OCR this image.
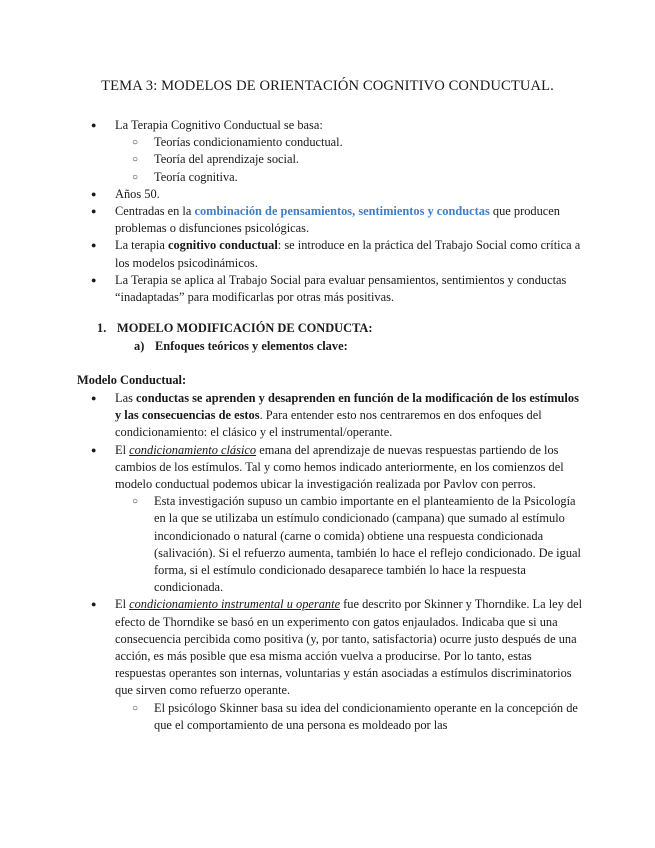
TEMA 3: MODELOS DE ORIENTACIÓN COGNITIVO CONDUCTUAL.

● La Terapia Cognitivo Conductual se basa:

○ Teorías condicionamiento conductual.

○ Teoría del aprendizaje social.

○ Teoría cognitiva.

● Años 50.

● Centradas en la combinación de pensamientos, sentimientos y conductas que producen problemas o disfunciones psicológicas.

● La terapia cognitivo conductual: se introduce en la práctica del Trabajo Social como crítica a los modelos psicodinámicos.

● La Terapia se aplica al Trabajo Social para evaluar pensamientos, sentimientos y conductas “inadaptadas” para modificarlas por otras más positivas.

1. MODELO MODIFICACIÓN DE CONDUCTA:
a) Enfoques teóricos y elementos clave:
Modelo Conductual:

● Las conductas se aprenden y desaprenden en función de la modificación de los estímulos y las consecuencias de estos. Para entender esto nos centraremos en dos enfoques del condicionamiento: el clásico y el instrumental/operante.

● El condicionamiento clásico emana del aprendizaje de nuevas respuestas partiendo de los cambios de los estímulos. Tal y como hemos indicado anteriormente, en los comienzos del modelo conductual podemos ubicar la investigación realizada por Pavlov con perros.

○ Esta investigación supuso un cambio importante en el planteamiento de la Psicología en la que se utilizaba un estímulo condicionado (campana) que sumado al estímulo incondicionado o natural (carne o comida) obtiene una respuesta condicionada (salivación). Si el refuerzo aumenta, también lo hace el reflejo condicionado. De igual forma, si el estímulo condicionado desaparece también lo hace la respuesta condicionada.

● El condicionamiento instrumental u operante fue descrito por Skinner y Thorndike. La ley del efecto de Thorndike se basó en un experimento con gatos enjaulados. Indicaba que si una consecuencia percibida como positiva (y, por tanto, satisfactoria) ocurre justo después de una acción, es más posible que esa misma acción vuelva a producirse. Por lo tanto, estas respuestas operantes son internas, voluntarias y están asociadas a estímulos discriminatorios que sirven como refuerzo operante.

○ El psicólogo Skinner basa su idea del condicionamiento operante en la concepción de que el comportamiento de una persona es moldeado por las
